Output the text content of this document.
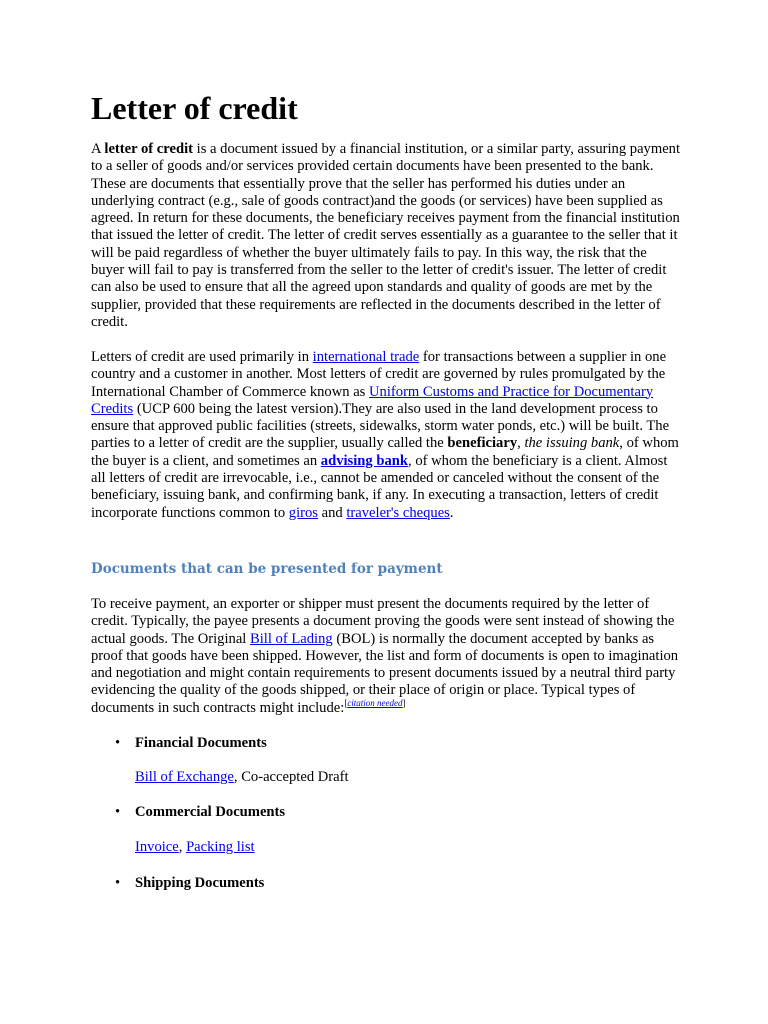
Letter of credit

A letter of credit is a document issued by a financial institution, or a similar party, assuring payment to a seller of goods and/or services provided certain documents have been presented to the bank. These are documents that essentially prove that the seller has performed his duties under an underlying contract (e.g., sale of goods contract)and the goods (or services) have been supplied as agreed. In return for these documents, the beneficiary receives payment from the financial institution that issued the letter of credit. The letter of credit serves essentially as a guarantee to the seller that it will be paid regardless of whether the buyer ultimately fails to pay. In this way, the risk that the buyer will fail to pay is transferred from the seller to the letter of credit's issuer. The letter of credit can also be used to ensure that all the agreed upon standards and quality of goods are met by the supplier, provided that these requirements are reflected in the documents described in the letter of credit.

Letters of credit are used primarily in international trade for transactions between a supplier in one country and a customer in another. Most letters of credit are governed by rules promulgated by the International Chamber of Commerce known as Uniform Customs and Practice for Documentary Credits (UCP 600 being the latest version).They are also used in the land development process to ensure that approved public facilities (streets, sidewalks, storm water ponds, etc.) will be built. The parties to a letter of credit are the supplier, usually called the beneficiary, the issuing bank, of whom the buyer is a client, and sometimes an advising bank, of whom the beneficiary is a client. Almost all letters of credit are irrevocable, i.e., cannot be amended or canceled without the consent of the beneficiary, issuing bank, and confirming bank, if any. In executing a transaction, letters of credit incorporate functions common to giros and traveler's cheques.

Documents that can be presented for payment

To receive payment, an exporter or shipper must present the documents required by the letter of credit. Typically, the payee presents a document proving the goods were sent instead of showing the actual goods. The Original Bill of Lading (BOL) is normally the document accepted by banks as proof that goods have been shipped. However, the list and form of documents is open to imagination and negotiation and might contain requirements to present documents issued by a neutral third party evidencing the quality of the goods shipped, or their place of origin or place. Typical types of documents in such contracts might include:[citation needed]

• Financial Documents

Bill of Exchange, Co-accepted Draft

• Commercial Documents

Invoice, Packing list

• Shipping Documents
